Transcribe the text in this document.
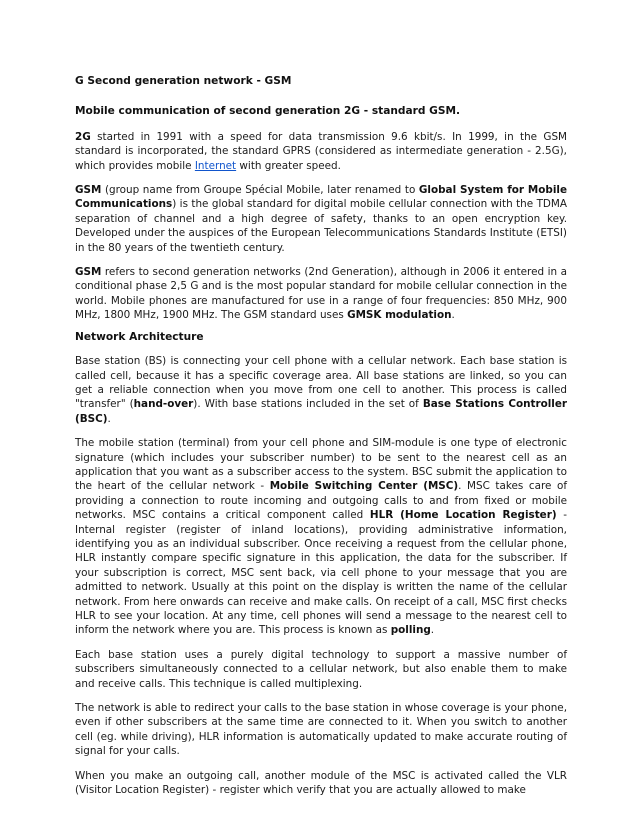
G Second generation network - GSM
Mobile communication of second generation 2G - standard GSM.

2G started in 1991 with a speed for data transmission 9.6 kbit/s. In 1999, in the GSM standard is incorporated, the standard GPRS (considered as intermediate generation - 2.5G), which provides mobile Internet with greater speed.

GSM (group name from Groupe Spécial Mobile, later renamed to Global System for Mobile Communications) is the global standard for digital mobile cellular connection with the TDMA separation of channel and a high degree of safety, thanks to an open encryption key. Developed under the auspices of the European Telecommunications Standards Institute (ETSI) in the 80 years of the twentieth century.

GSM refers to second generation networks (2nd Generation), although in 2006 it entered in a conditional phase 2,5 G and is the most popular standard for mobile cellular connection in the world. Mobile phones are manufactured for use in a range of four frequencies: 850 MHz, 900 MHz, 1800 MHz, 1900 MHz. The GSM standard uses GMSK modulation.

Network Architecture

Base station (BS) is connecting your cell phone with a cellular network. Each base station is called cell, because it has a specific coverage area. All base stations are linked, so you can get a reliable connection when you move from one cell to another. This process is called "transfer" (hand-over). With base stations included in the set of Base Stations Controller (BSC).

The mobile station (terminal) from your cell phone and SIM-module is one type of electronic signature (which includes your subscriber number) to be sent to the nearest cell as an application that you want as a subscriber access to the system. BSC submit the application to the heart of the cellular network - Mobile Switching Center (MSC). MSC takes care of providing a connection to route incoming and outgoing calls to and from fixed or mobile networks. MSC contains a critical component called HLR (Home Location Register) - Internal register (register of inland locations), providing administrative information, identifying you as an individual subscriber. Once receiving a request from the cellular phone, HLR instantly compare specific signature in this application, the data for the subscriber. If your subscription is correct, MSC sent back, via cell phone to your message that you are admitted to network. Usually at this point on the display is written the name of the cellular network. From here onwards can receive and make calls. On receipt of a call, MSC first checks HLR to see your location. At any time, cell phones will send a message to the nearest cell to inform the network where you are. This process is known as polling.

Each base station uses a purely digital technology to support a massive number of subscribers simultaneously connected to a cellular network, but also enable them to make and receive calls. This technique is called multiplexing.

The network is able to redirect your calls to the base station in whose coverage is your phone, even if other subscribers at the same time are connected to it. When you switch to another cell (eg. while driving), HLR information is automatically updated to make accurate routing of signal for your calls.

When you make an outgoing call, another module of the MSC is activated called the VLR (Visitor Location Register) - register which verify that you are actually allowed to make
